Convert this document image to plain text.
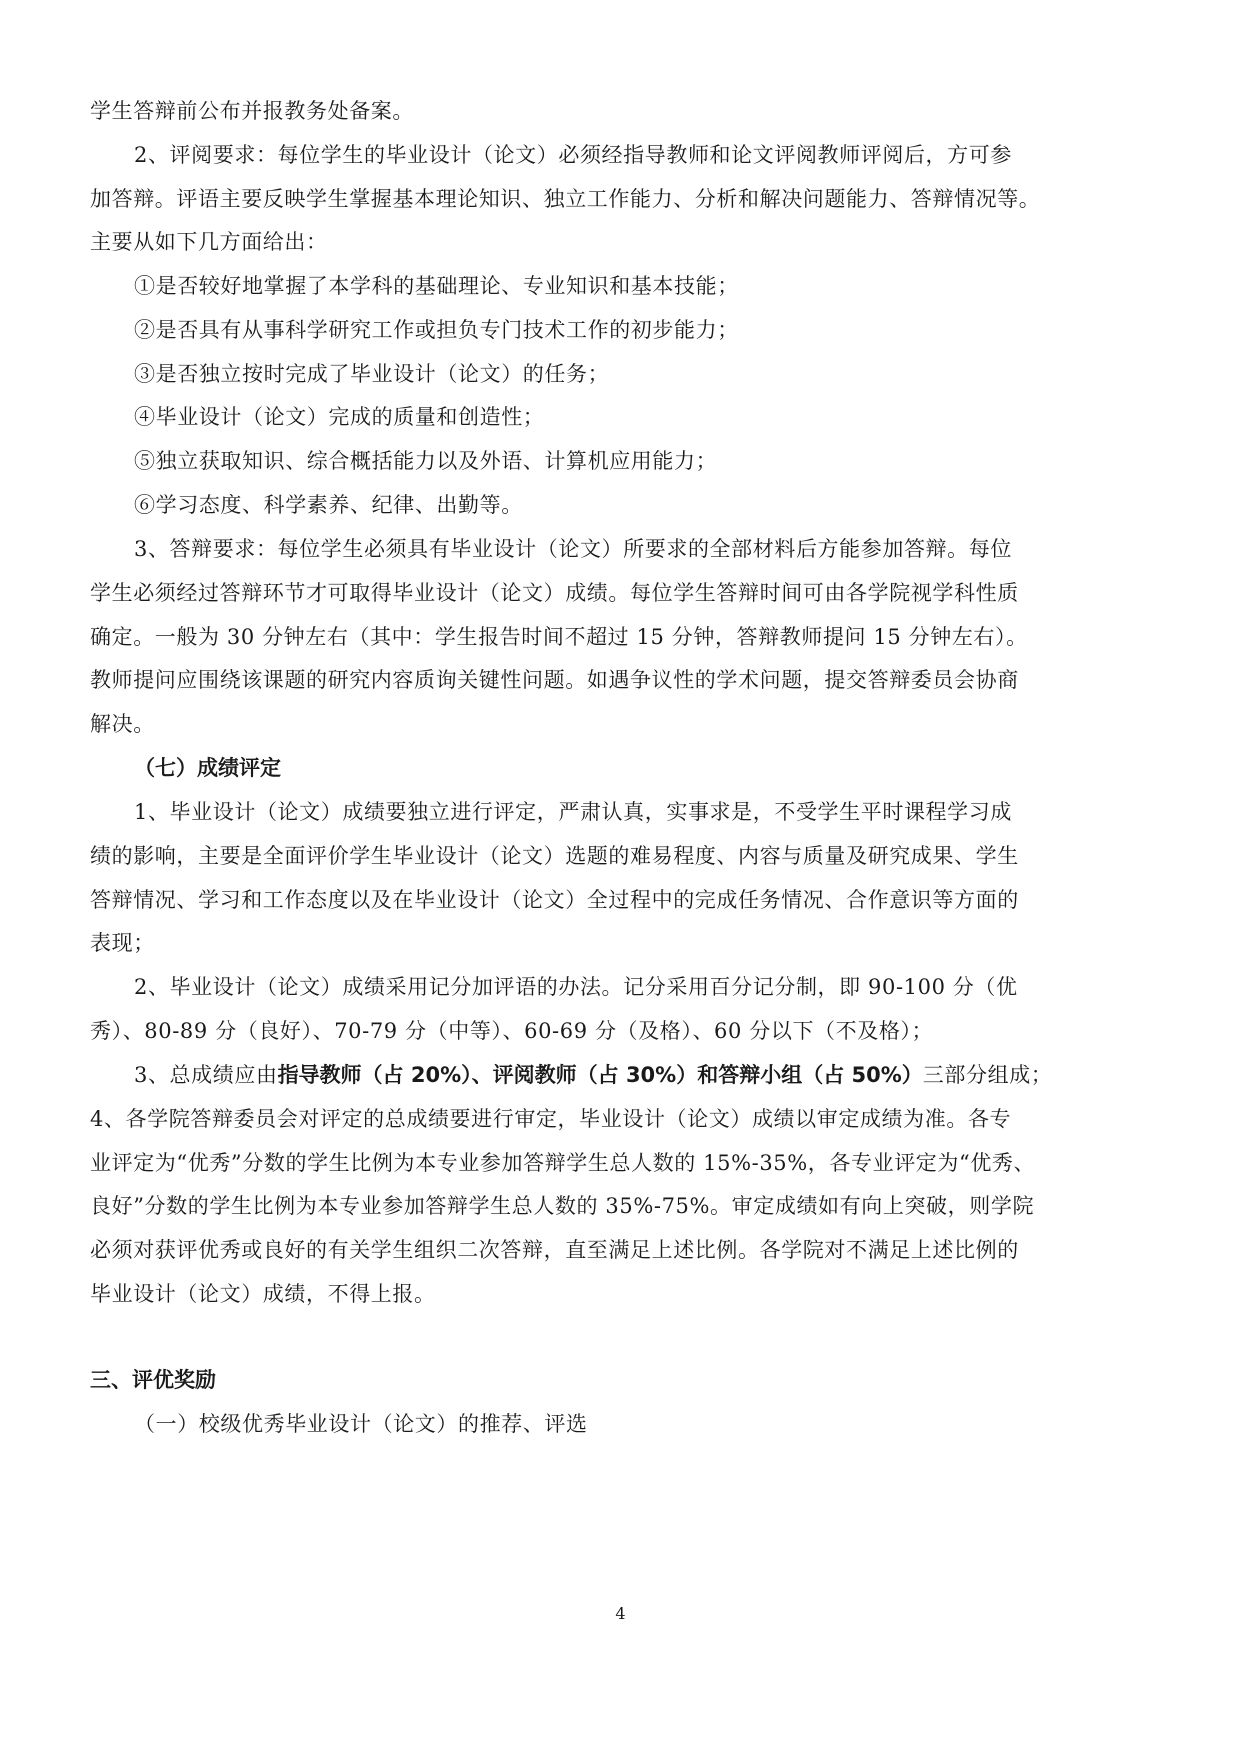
学生答辩前公布并报教务处备案。
2、评阅要求：每位学生的毕业设计（论文）必须经指导教师和论文评阅教师评阅后，方可参
加答辩。评语主要反映学生掌握基本理论知识、独立工作能力、分析和解决问题能力、答辩情况等。
主要从如下几方面给出：
①是否较好地掌握了本学科的基础理论、专业知识和基本技能；
②是否具有从事科学研究工作或担负专门技术工作的初步能力；
③是否独立按时完成了毕业设计（论文）的任务；
④毕业设计（论文）完成的质量和创造性；
⑤独立获取知识、综合概括能力以及外语、计算机应用能力；
⑥学习态度、科学素养、纪律、出勤等。
3、答辩要求：每位学生必须具有毕业设计（论文）所要求的全部材料后方能参加答辩。每位
学生必须经过答辩环节才可取得毕业设计（论文）成绩。每位学生答辩时间可由各学院视学科性质
确定。一般为 30 分钟左右（其中：学生报告时间不超过 15 分钟，答辩教师提问 15 分钟左右）。
教师提问应围绕该课题的研究内容质询关键性问题。如遇争议性的学术问题，提交答辩委员会协商
解决。
（七）成绩评定
1、毕业设计（论文）成绩要独立进行评定，严肃认真，实事求是，不受学生平时课程学习成
绩的影响，主要是全面评价学生毕业设计（论文）选题的难易程度、内容与质量及研究成果、学生
答辩情况、学习和工作态度以及在毕业设计（论文）全过程中的完成任务情况、合作意识等方面的
表现；
2、毕业设计（论文）成绩采用记分加评语的办法。记分采用百分记分制，即 90-100 分（优
秀）、80-89 分（良好）、70-79 分（中等）、60-69 分（及格）、60 分以下（不及格）；
3、总成绩应由指导教师（占 20%）、评阅教师（占 30%）和答辩小组（占 50%）三部分组成；
4、各学院答辩委员会对评定的总成绩要进行审定，毕业设计（论文）成绩以审定成绩为准。各专
业评定为“优秀”分数的学生比例为本专业参加答辩学生总人数的 15%-35%，各专业评定为“优秀、
良好”分数的学生比例为本专业参加答辩学生总人数的 35%-75%。审定成绩如有向上突破，则学院
必须对获评优秀或良好的有关学生组织二次答辩，直至满足上述比例。各学院对不满足上述比例的
毕业设计（论文）成绩，不得上报。
三、评优奖励
（一）校级优秀毕业设计（论文）的推荐、评选
4
